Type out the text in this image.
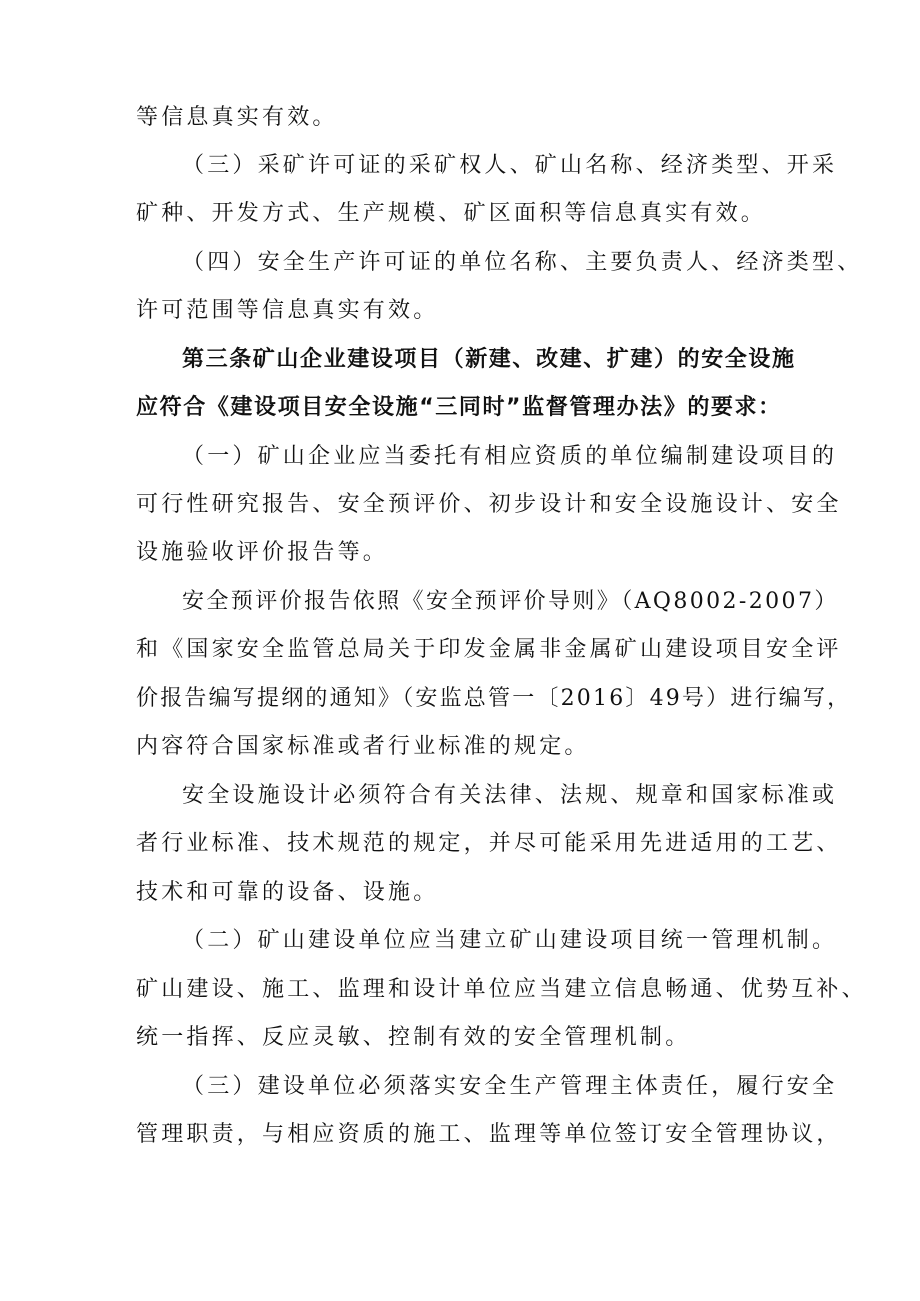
等信息真实有效。
（三）采矿许可证的采矿权人、矿山名称、经济类型、开采
矿种、开发方式、生产规模、矿区面积等信息真实有效。
（四）安全生产许可证的单位名称、主要负责人、经济类型、
许可范围等信息真实有效。
第三条矿山企业建设项目（新建、改建、扩建）的安全设施
应符合《建设项目安全设施“三同时”监督管理办法》的要求：
（一）矿山企业应当委托有相应资质的单位编制建设项目的
可行性研究报告、安全预评价、初步设计和安全设施设计、安全
设施验收评价报告等。
安全预评价报告依照《安全预评价导则》（AQ8002-2007）
和《国家安全监管总局关于印发金属非金属矿山建设项目安全评
价报告编写提纲的通知》（安监总管一〔2016〕49号）进行编写，
内容符合国家标准或者行业标准的规定。
安全设施设计必须符合有关法律、法规、规章和国家标准或
者行业标准、技术规范的规定，并尽可能采用先进适用的工艺、
技术和可靠的设备、设施。
（二）矿山建设单位应当建立矿山建设项目统一管理机制。
矿山建设、施工、监理和设计单位应当建立信息畅通、优势互补、
统一指挥、反应灵敏、控制有效的安全管理机制。
（三）建设单位必须落实安全生产管理主体责任，履行安全
管理职责，与相应资质的施工、监理等单位签订安全管理协议，
